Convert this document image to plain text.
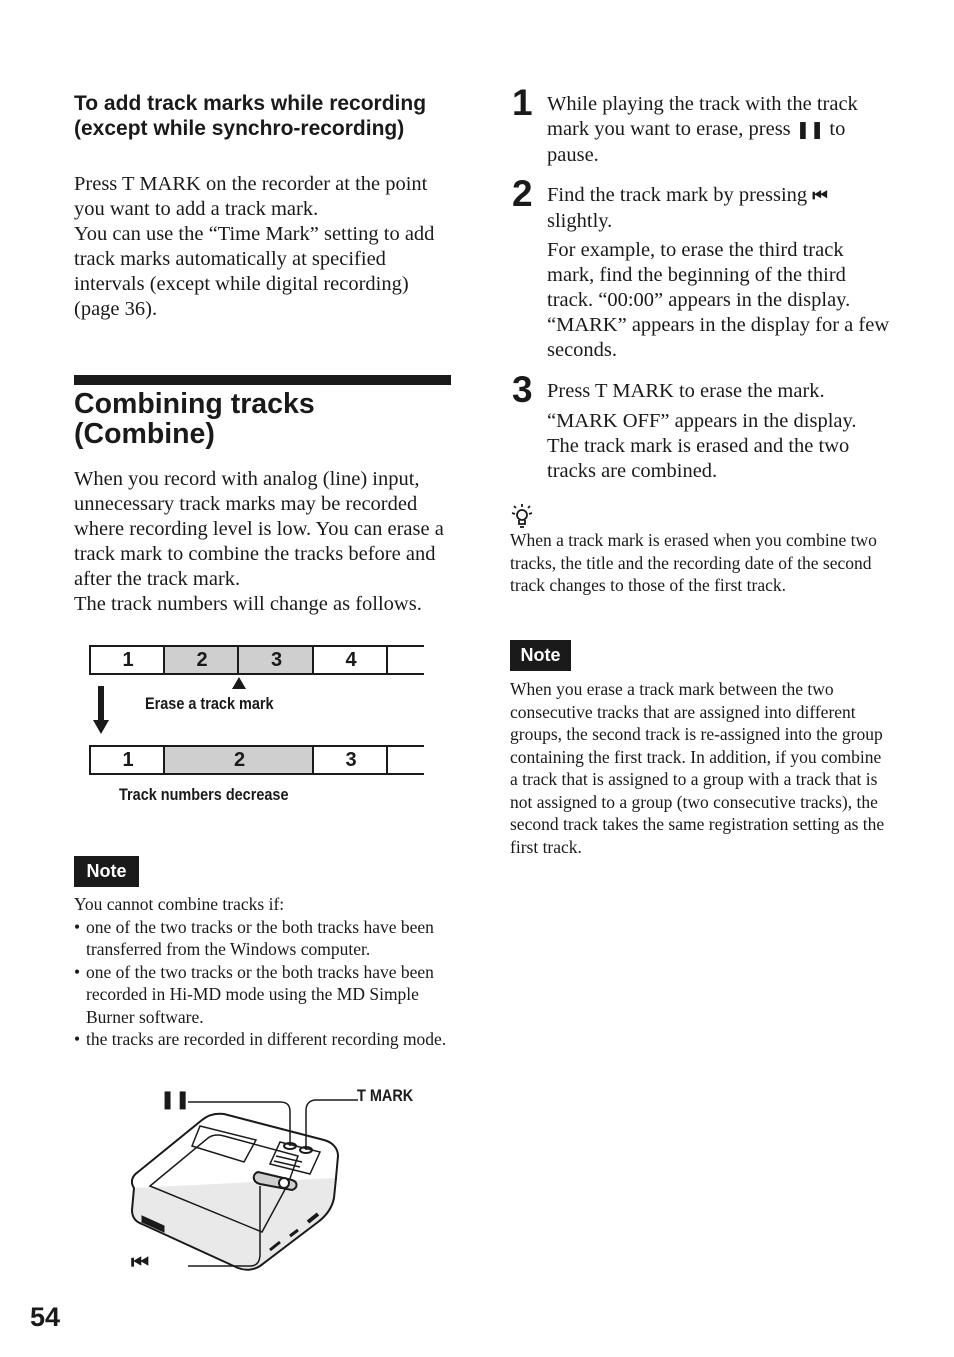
To add track marks while recording (except while synchro-recording)

Press T MARK on the recorder at the point you want to add a track mark.

You can use the “Time Mark” setting to add track marks automatically at specified intervals (except while digital recording) (page 36).

Combining tracks (Combine)

When you record with analog (line) input, unnecessary track marks may be recorded where recording level is low. You can erase a track mark to combine the tracks before and after the track mark.

The track numbers will change as follows.

1	2	3	4
Erase a track mark
1	2	3
Track numbers decrease
Note

You cannot combine tracks if:

• one of the two tracks or the both tracks have been transferred from the Windows computer.
• one of the two tracks or the both tracks have been recorded in Hi-MD mode using the MD Simple Burner software.
• the tracks are recorded in different recording mode.
❚❚	T MARK
⏮
1 While playing the track with the track mark you want to erase, press ❚❚ to pause.

2 Find the track mark by pressing ⏮ slightly.

For example, to erase the third track mark, find the beginning of the third track. “00:00” appears in the display. “MARK” appears in the display for a few seconds.

3 Press T MARK to erase the mark.

“MARK OFF” appears in the display. The track mark is erased and the two tracks are combined.

When a track mark is erased when you combine two tracks, the title and the recording date of the second track changes to those of the first track.

Note

When you erase a track mark between the two consecutive tracks that are assigned into different groups, the second track is re-assigned into the group containing the first track. In addition, if you combine a track that is assigned to a group with a track that is not assigned to a group (two consecutive tracks), the second track takes the same registration setting as the first track.

54
